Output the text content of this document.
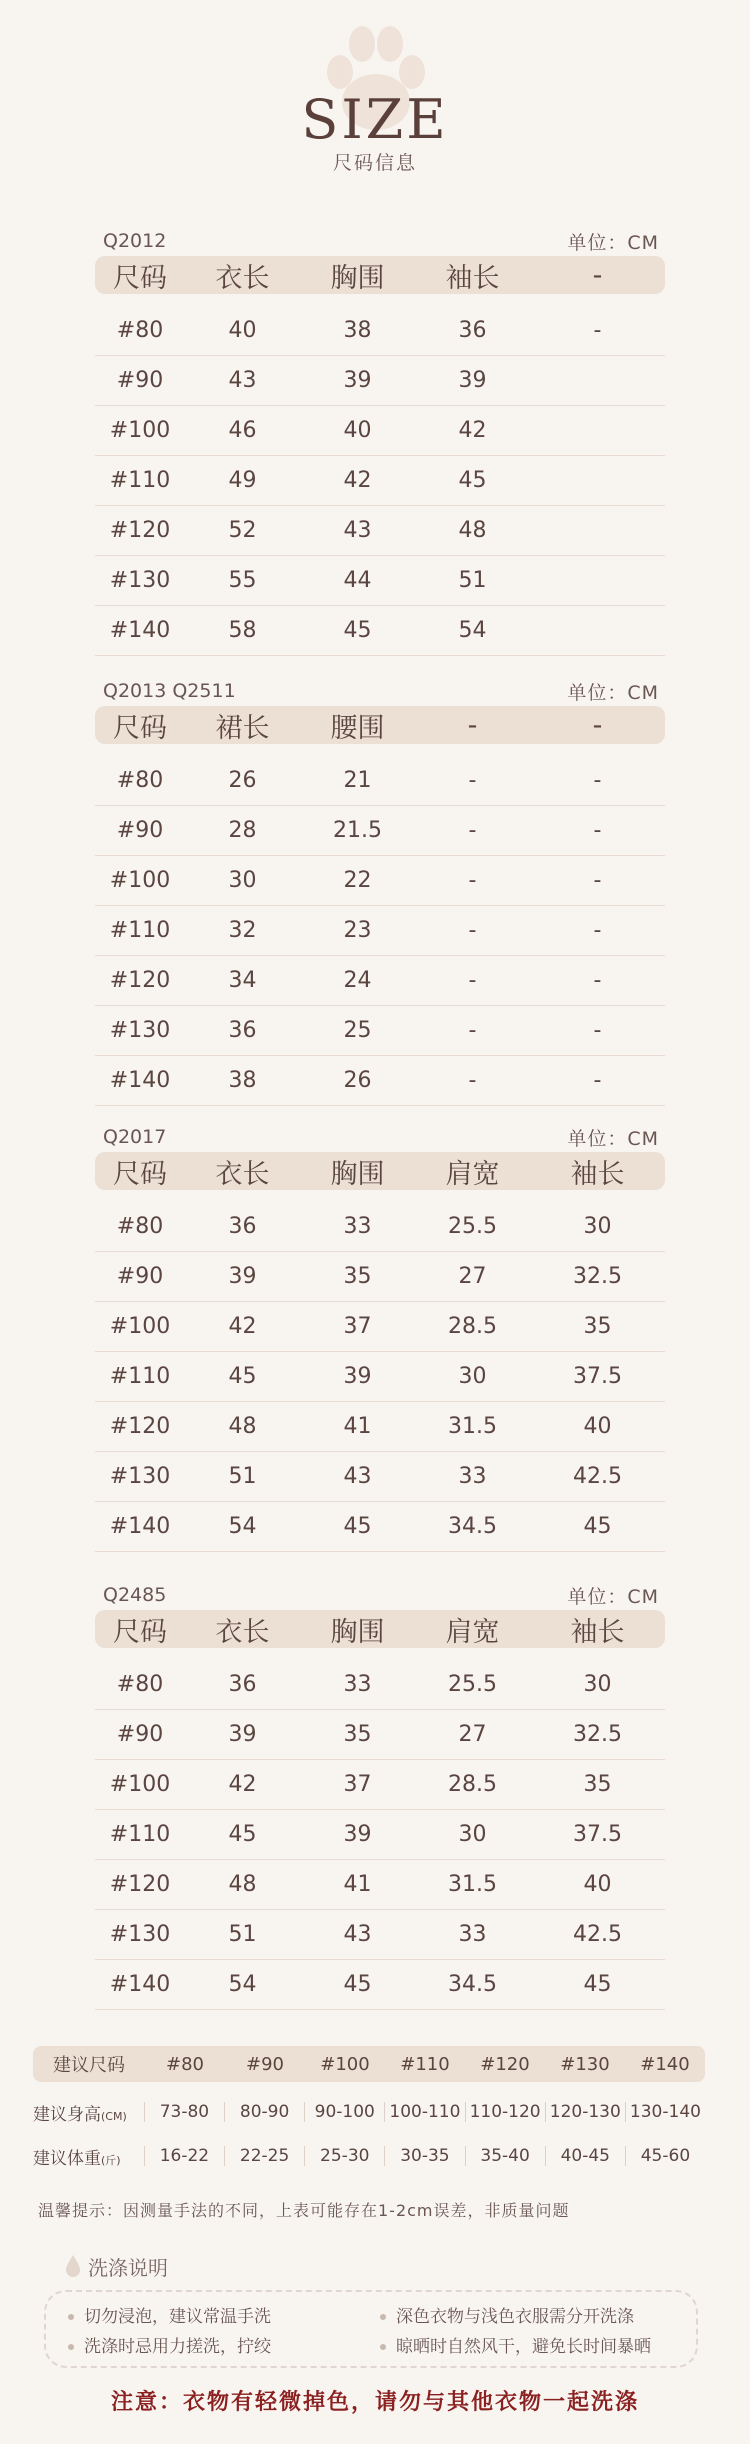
SIZE
尺码信息
Q2012	单位：CM
尺码	衣长	胸围	袖长	-
#80	40	38	36	-
#90	43	39	39
#100	46	40	42
#110	49	42	45
#120	52	43	48
#130	55	44	51
#140	58	45	54
Q2013 Q2511	单位：CM
尺码	裙长	腰围	-	-
#80	26	21	-	-
#90	28	21.5	-	-
#100	30	22	-	-
#110	32	23	-	-
#120	34	24	-	-
#130	36	25	-	-
#140	38	26	-	-
Q2017	单位：CM
尺码	衣长	胸围	肩宽	袖长
#80	36	33	25.5	30
#90	39	35	27	32.5
#100	42	37	28.5	35
#110	45	39	30	37.5
#120	48	41	31.5	40
#130	51	43	33	42.5
#140	54	45	34.5	45
Q2485	单位：CM
尺码	衣长	胸围	肩宽	袖长
#80	36	33	25.5	30
#90	39	35	27	32.5
#100	42	37	28.5	35
#110	45	39	30	37.5
#120	48	41	31.5	40
#130	51	43	33	42.5
#140	54	45	34.5	45
建议尺码	#80	#90	#100	#110	#120	#130	#140
建议身高(CM)	73-80	80-90	90-100 100-110 110-120 120-130 130-140
建议体重(斤)	16-22	22-25	25-30	30-35	35-40	40-45	45-60
温馨提示：因测量手法的不同，上表可能存在1-2cm误差，非质量问题
洗涤说明
切勿浸泡，建议常温手洗	深色衣物与浅色衣服需分开洗涤
洗涤时忌用力搓洗，拧绞	晾晒时自然风干，避免长时间暴晒
注意：衣物有轻微掉色，请勿与其他衣物一起洗涤
